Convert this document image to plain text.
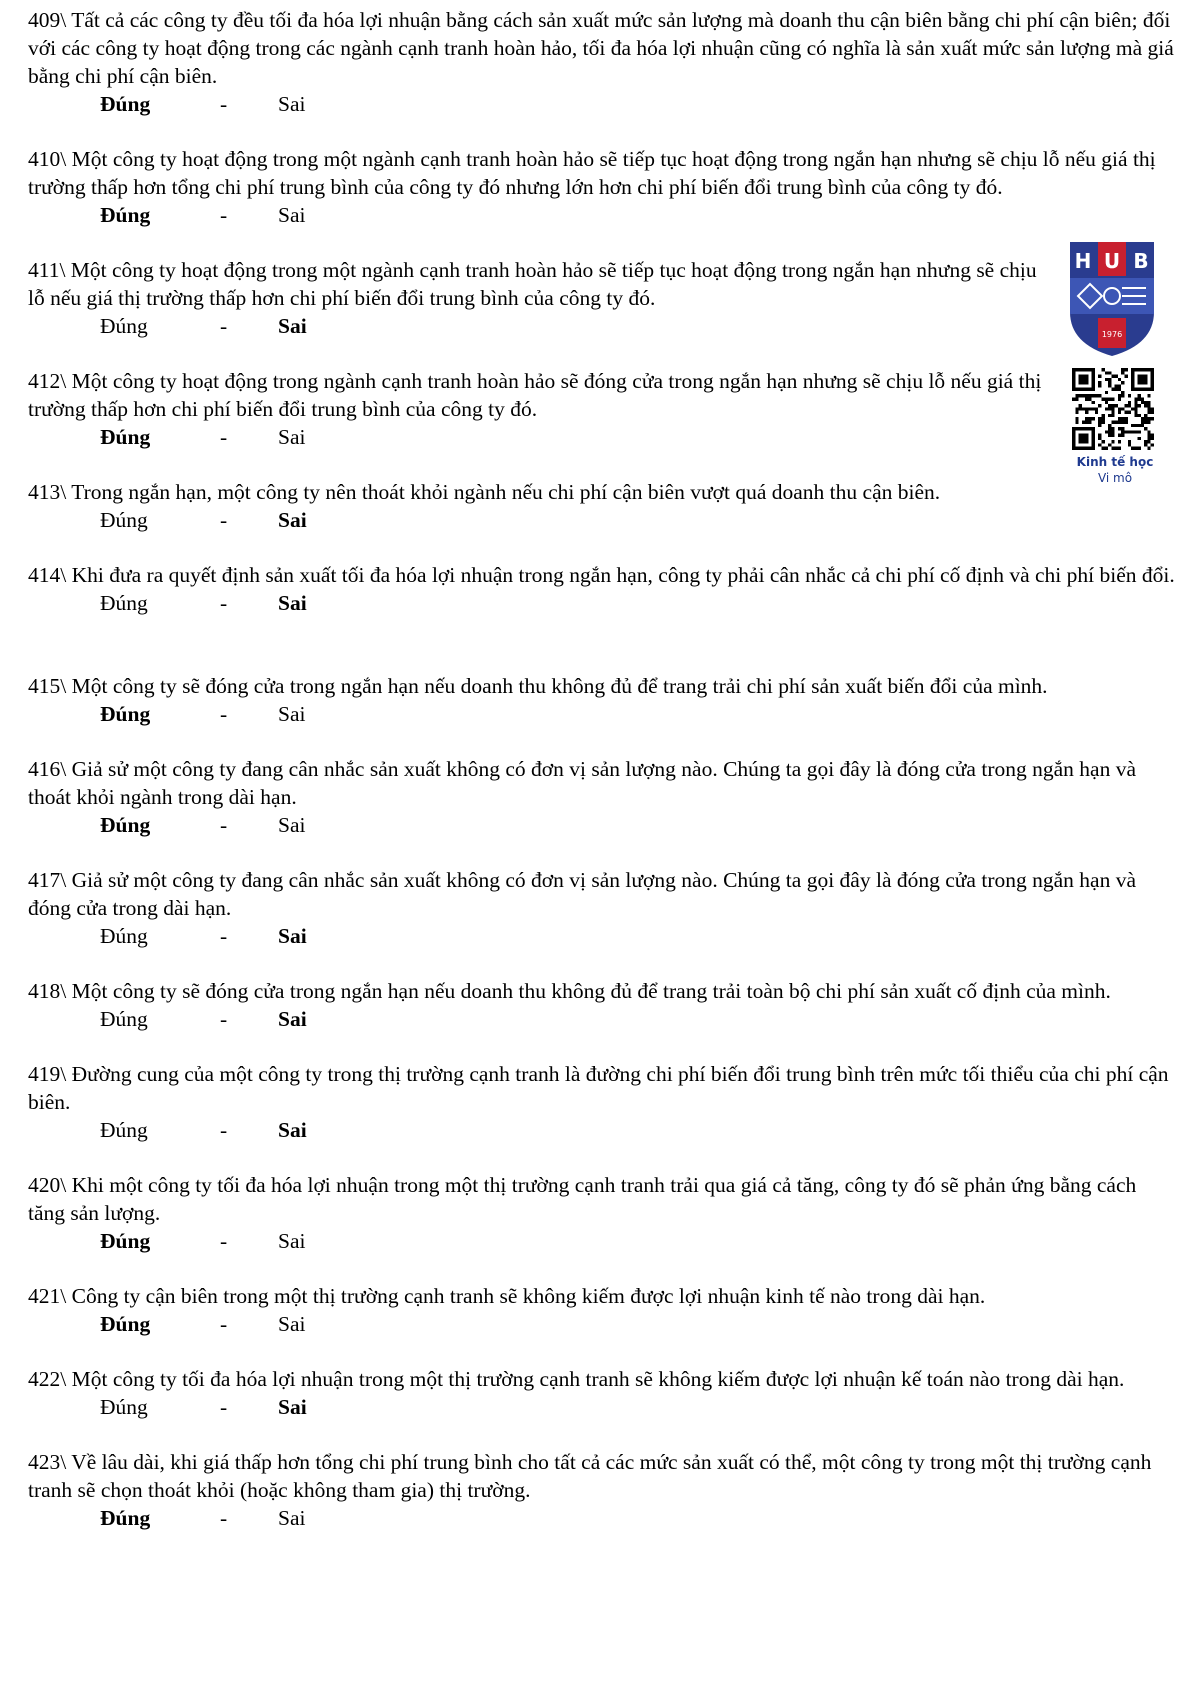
409\ Tất cả các công ty đều tối đa hóa lợi nhuận bằng cách sản xuất mức sản lượng mà doanh thu cận biên bằng chi phí cận biên; đối với các công ty hoạt động trong các ngành cạnh tranh hoàn hảo, tối đa hóa lợi nhuận cũng có nghĩa là sản xuất mức sản lượng mà giá bằng chi phí cận biên.
Đúng	-	Sai
410\ Một công ty hoạt động trong một ngành cạnh tranh hoàn hảo sẽ tiếp tục hoạt động trong ngắn hạn nhưng sẽ chịu lỗ nếu giá thị trường thấp hơn tổng chi phí trung bình của công ty đó nhưng lớn hơn chi phí biến đổi trung bình của công ty đó.
Đúng	-	Sai
411\ Một công ty hoạt động trong một ngành cạnh tranh hoàn hảo sẽ tiếp tục hoạt động trong ngắn hạn nhưng sẽ chịu lỗ nếu giá thị trường thấp hơn chi phí biến đổi trung bình của công ty đó.
Đúng	-	Sai
412\ Một công ty hoạt động trong ngành cạnh tranh hoàn hảo sẽ đóng cửa trong ngắn hạn nhưng sẽ chịu lỗ nếu giá thị trường thấp hơn chi phí biến đổi trung bình của công ty đó.
Đúng	-	Sai
413\ Trong ngắn hạn, một công ty nên thoát khỏi ngành nếu chi phí cận biên vượt quá doanh thu cận biên.
Đúng	-	Sai
414\ Khi đưa ra quyết định sản xuất tối đa hóa lợi nhuận trong ngắn hạn, công ty phải cân nhắc cả chi phí cố định và chi phí biến đổi.
Đúng	-	Sai
415\ Một công ty sẽ đóng cửa trong ngắn hạn nếu doanh thu không đủ để trang trải chi phí sản xuất biến đổi của mình.
Đúng	-	Sai
416\ Giả sử một công ty đang cân nhắc sản xuất không có đơn vị sản lượng nào. Chúng ta gọi đây là đóng cửa trong ngắn hạn và thoát khỏi ngành trong dài hạn.
Đúng	-	Sai
417\ Giả sử một công ty đang cân nhắc sản xuất không có đơn vị sản lượng nào. Chúng ta gọi đây là đóng cửa trong ngắn hạn và đóng cửa trong dài hạn.
Đúng	-	Sai
418\ Một công ty sẽ đóng cửa trong ngắn hạn nếu doanh thu không đủ để trang trải toàn bộ chi phí sản xuất cố định của mình.
Đúng	-	Sai
419\ Đường cung của một công ty trong thị trường cạnh tranh là đường chi phí biến đổi trung bình trên mức tối thiểu của chi phí cận biên.
Đúng	-	Sai
420\ Khi một công ty tối đa hóa lợi nhuận trong một thị trường cạnh tranh trải qua giá cả tăng, công ty đó sẽ phản ứng bằng cách tăng sản lượng.
Đúng	-	Sai
421\ Công ty cận biên trong một thị trường cạnh tranh sẽ không kiếm được lợi nhuận kinh tế nào trong dài hạn.
Đúng	-	Sai
422\ Một công ty tối đa hóa lợi nhuận trong một thị trường cạnh tranh sẽ không kiếm được lợi nhuận kế toán nào trong dài hạn.
Đúng	-	Sai
423\ Về lâu dài, khi giá thấp hơn tổng chi phí trung bình cho tất cả các mức sản xuất có thể, một công ty trong một thị trường cạnh tranh sẽ chọn thoát khỏi (hoặc không tham gia) thị trường.
Đúng	-	Sai
H U B
1976
Kinh tế học
Vi mô
